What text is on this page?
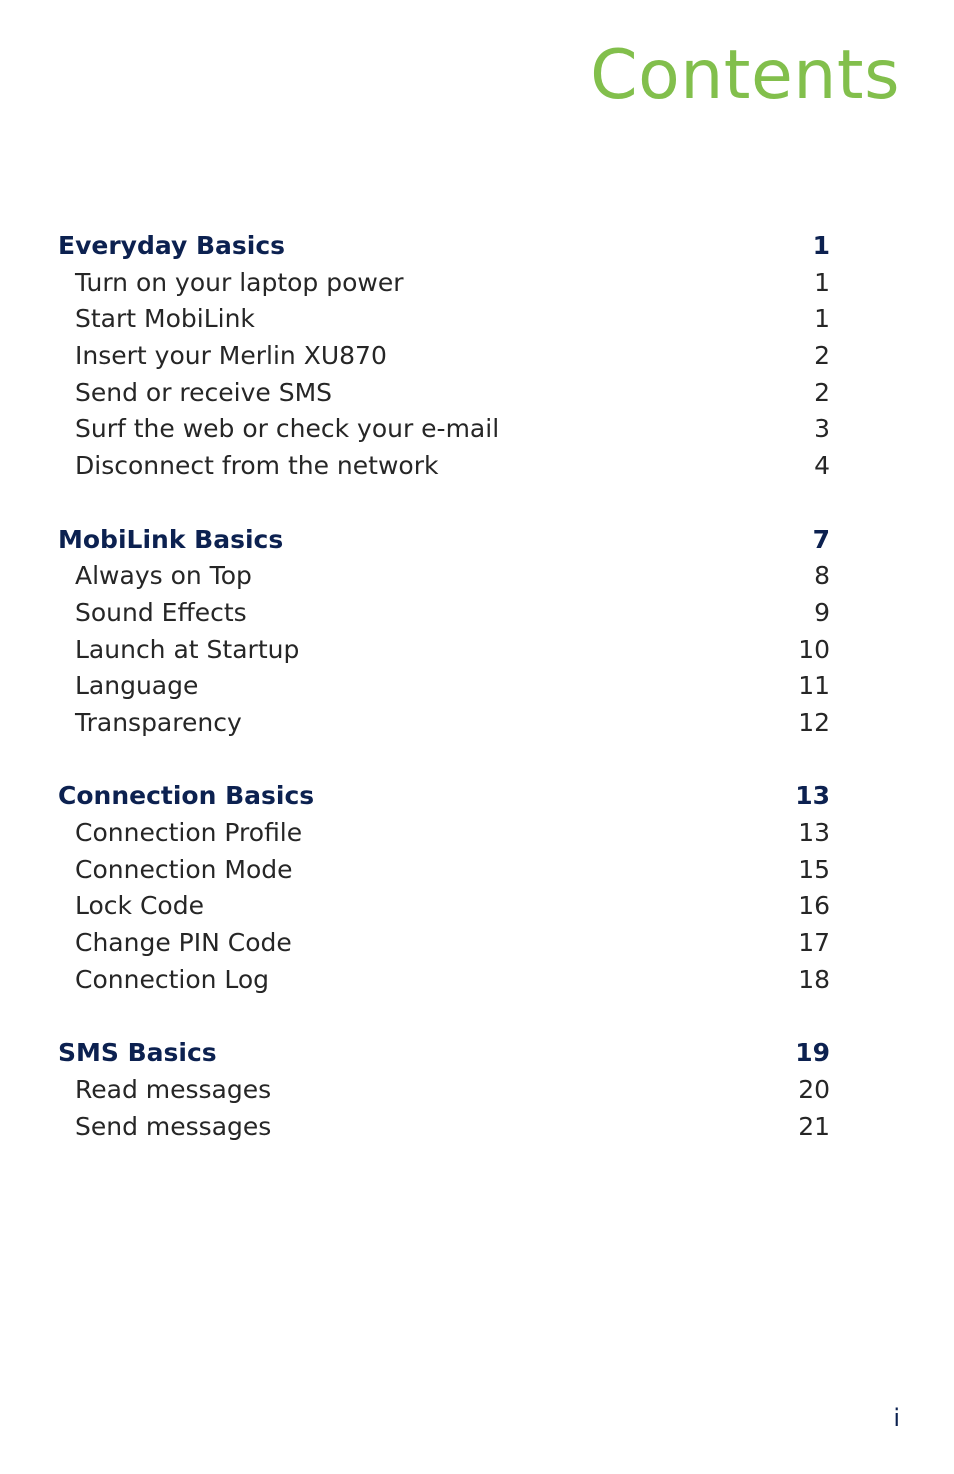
Contents
Everyday Basics	1
Turn on your laptop power	1
Start MobiLink	1
Insert your Merlin XU870	2
Send or receive SMS	2
Surf the web or check your e-mail	3
Disconnect from the network	4
MobiLink Basics	7
Always on Top	8
Sound Effects	9
Launch at Startup	10
Language	11
Transparency	12
Connection Basics	13
Connection Profile	13
Connection Mode	15
Lock Code	16
Change PIN Code	17
Connection Log	18
SMS Basics	19
Read messages	20
Send messages	21
i
